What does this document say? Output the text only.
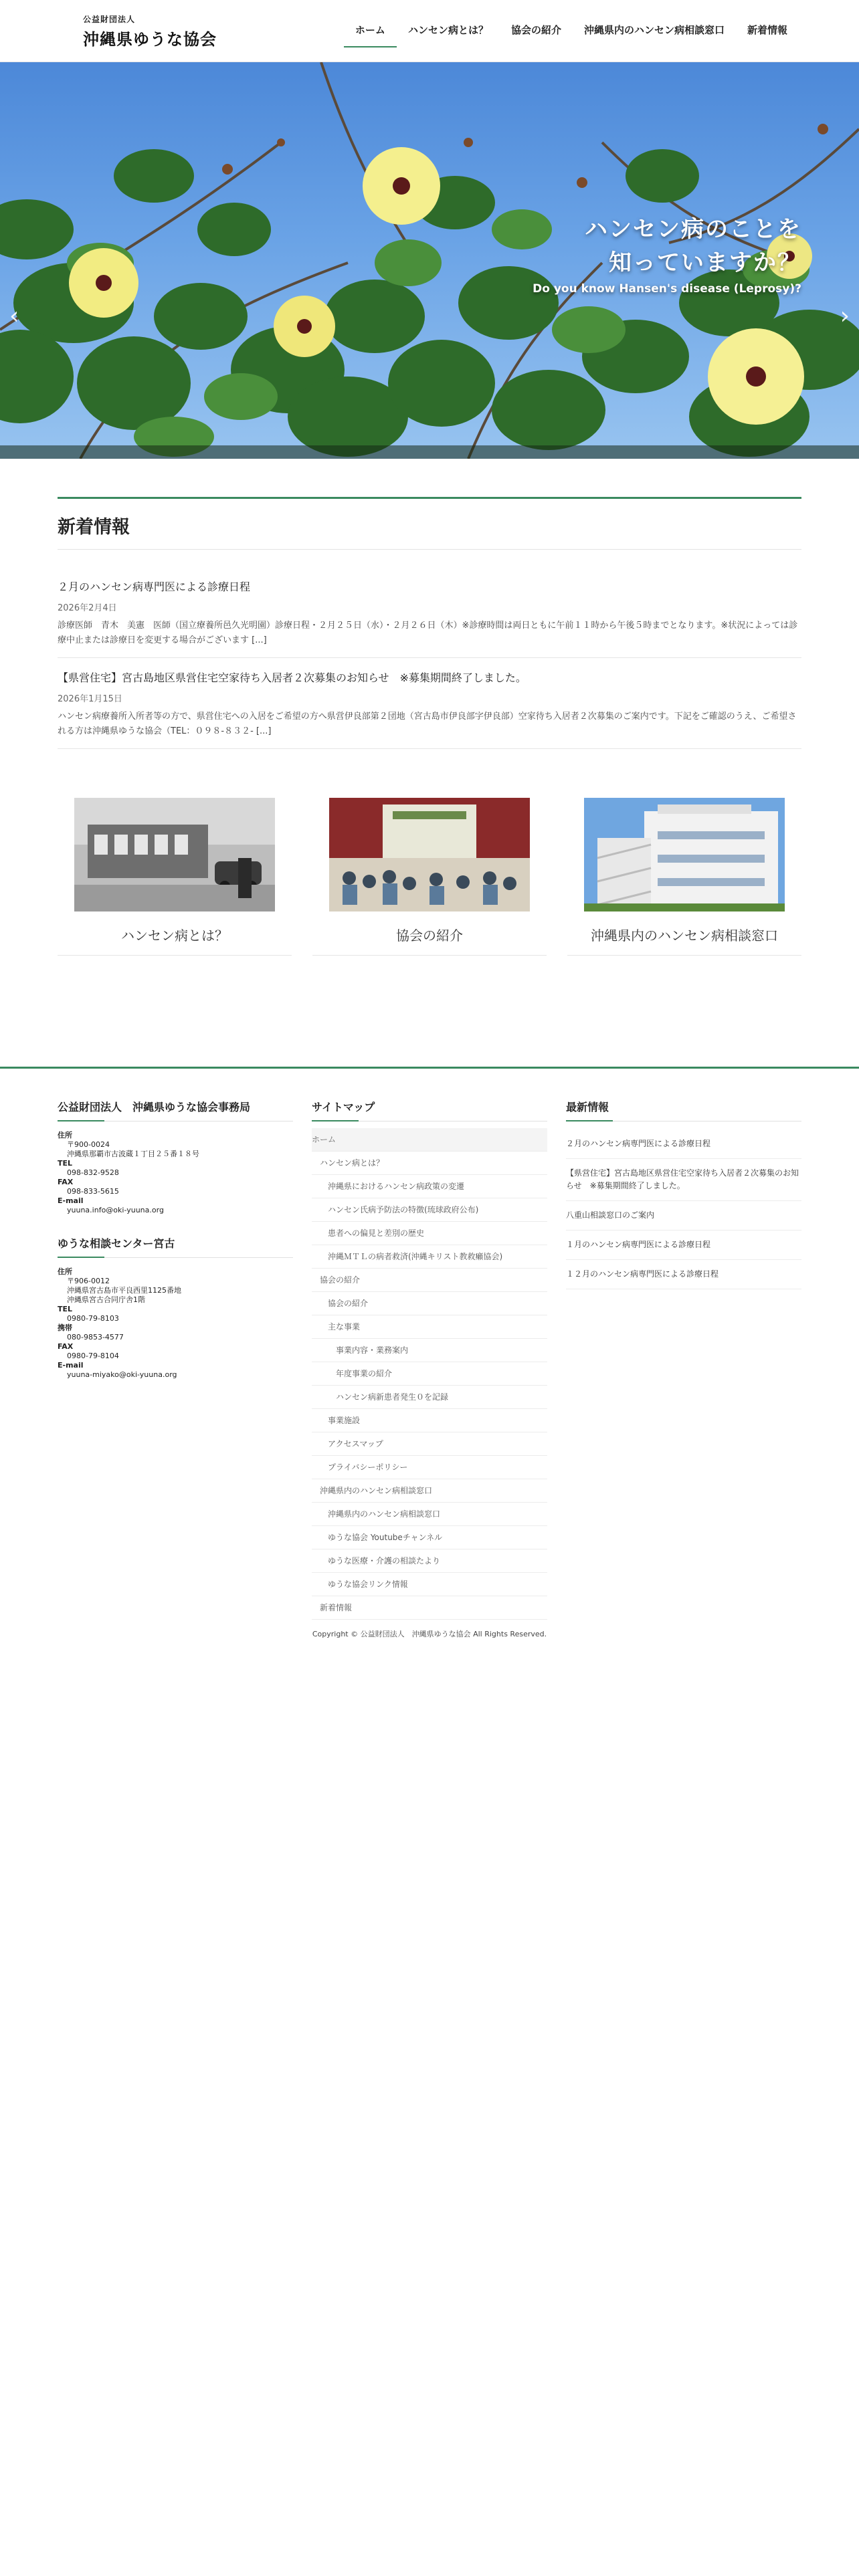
公益財団法人
沖縄県ゆうな協会	ホーム	ハンセン病とは？	協会の紹介	沖縄県内のハンセン病相談窓口	新着情報
ハンセン病のことを
知っていますか？
Do you know Hansen's disease (Leprosy)?
‹	›
新着情報
２月のハンセン病専門医による診療日程
2026年2月4日
診療医師　青木　美憲　医師（国立療養所邑久光明園）診療日程・２月２５日（水）・２月２６日（木）※診療時間は両日ともに午前１１時から午後５時までとなります。※状況によっては診療中止または診療日を変更する場合がございます [...]
【県営住宅】宮古島地区県営住宅空家待ち入居者２次募集のお知らせ　※募集期間終了しました。
2026年1月15日
ハンセン病療養所入所者等の方で、県営住宅への入居をご希望の方へ県営伊良部第２団地（宮古島市伊良部字伊良部）空家待ち入居者２次募集のご案内です。下記をご確認のうえ、ご希望される方は沖縄県ゆうな協会（TEL：０９８-８３２- [...]
ハンセン病とは？	協会の紹介	沖縄県内のハンセン病相談窓口
公益財団法人　沖縄県ゆうな協会事務局
住所
〒900-0024
沖縄県那覇市古波蔵１丁目２５番１８号
TEL
098-832-9528
FAX
098-833-5615
E-mail
yuuna.info@oki-yuuna.org
ゆうな相談センター宮古
住所
〒906-0012
沖縄県宮古島市平良西里1125番地
沖縄県宮古合同庁舎1階
TEL
0980-79-8103
携帯
080-9853-4577
FAX
0980-79-8104
E-mail
yuuna-miyako@oki-yuuna.org
サイトマップ
ホーム
ハンセン病とは？
沖縄県におけるハンセン病政策の変遷
ハンセン氏病予防法の特徴(琉球政府公布)
患者への偏見と差別の歴史
沖縄ＭＴＬの病者救済(沖縄キリスト教救癩協会)
協会の紹介
協会の紹介
主な事業
事業内容・業務案内
年度事業の紹介
ハンセン病新患者発生０を記録
事業施設
アクセスマップ
プライバシーポリシー
沖縄県内のハンセン病相談窓口
沖縄県内のハンセン病相談窓口
ゆうな協会 Youtubeチャンネル
ゆうな医療・介護の相談たより
ゆうな協会リンク情報
新着情報
最新情報
２月のハンセン病専門医による診療日程
【県営住宅】宮古島地区県営住宅空家待ち入居者２次募集のお知らせ　※募集期間終了しました。
八重山相談窓口のご案内
１月のハンセン病専門医による診療日程
１２月のハンセン病専門医による診療日程
Copyright © 公益財団法人　沖縄県ゆうな協会 All Rights Reserved.
